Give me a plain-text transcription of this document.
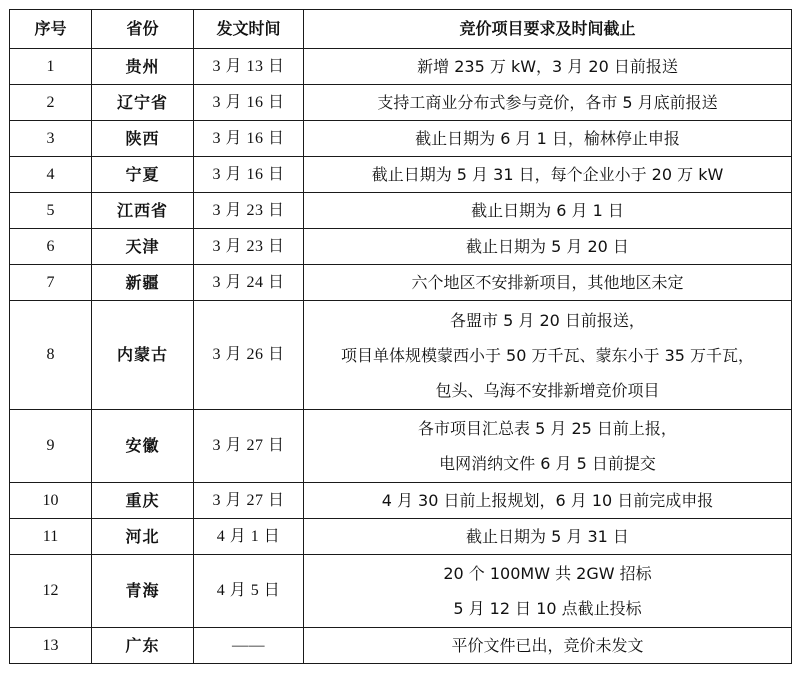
序号	省份	发文时间	竞价项目要求及时间截止
1	贵州	3 月 13 日	新增 235 万 kW，3 月 20 日前报送

2	辽宁省	3 月 16 日	支持工商业分布式参与竞价，各市 5 月底前报送

3	陕西	3 月 16 日	截止日期为 6 月 1 日，榆林停止申报

4	宁夏	3 月 16 日	截止日期为 5 月 31 日，每个企业小于 20 万 kW

5	江西省	3 月 23 日	截止日期为 6 月 1 日

6	天津	3 月 23 日	截止日期为 5 月 20 日

7	新疆	3 月 24 日	六个地区不安排新项目，其他地区未定

8	内蒙古	3 月 26 日	各盟市 5 月 20 日前报送，
项目单体规模蒙西小于 50 万千瓦、蒙东小于 35 万千瓦，
包头、乌海不安排新增竞价项目

9	安徽	3 月 27 日	各市项目汇总表 5 月 25 日前上报，
电网消纳文件 6 月 5 日前提交

10	重庆	3 月 27 日	4 月 30 日前上报规划，6 月 10 日前完成申报

11	河北	4 月 1 日	截止日期为 5 月 31 日

12	青海	4 月 5 日	20 个 100MW 共 2GW 招标
5 月 12 日 10 点截止投标

13	广东	——	平价文件已出，竞价未发文
